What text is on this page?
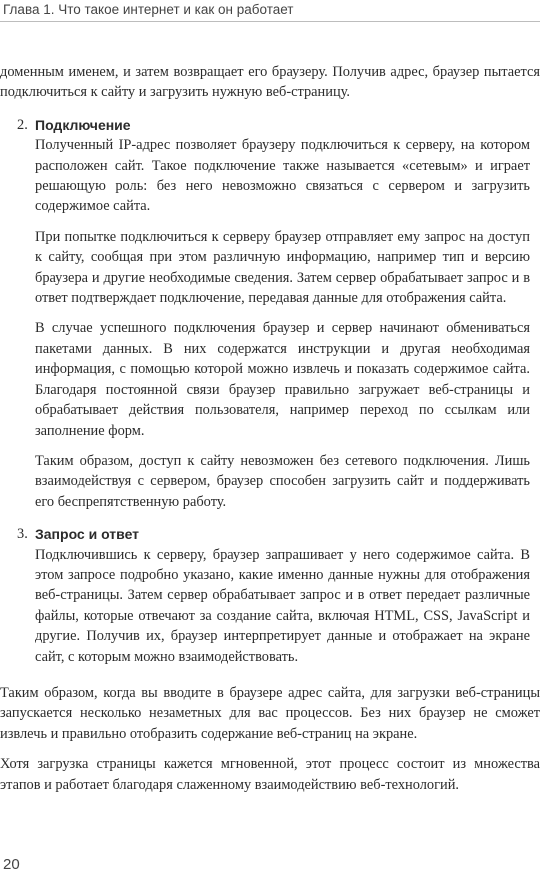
Глава 1. Что такое интернет и как он работает

доменным именем, и затем возвращает его браузеру. Получив адрес, браузер пытается подключиться к сайту и загрузить нужную веб-страницу.

2. Подключение

Полученный IP-адрес позволяет браузеру подключиться к серверу, на котором расположен сайт. Такое подключение также называется «сетевым» и играет решающую роль: без него невозможно связаться с сервером и загрузить содержимое сайта.

При попытке подключиться к серверу браузер отправляет ему запрос на доступ к сайту, сообщая при этом различную информацию, например тип и версию браузера и другие необходимые сведения. Затем сервер обрабатывает запрос и в ответ подтверждает подключение, передавая данные для отображения сайта.

В случае успешного подключения браузер и сервер начинают обмениваться пакетами данных. В них содержатся инструкции и другая необходимая информация, с помощью которой можно извлечь и показать содержимое сайта. Благодаря постоянной связи браузер правильно загружает веб-страницы и обрабатывает действия пользователя, например переход по ссылкам или заполнение форм.

Таким образом, доступ к сайту невозможен без сетевого подключения. Лишь взаимодействуя с сервером, браузер способен загрузить сайт и поддерживать его беспрепятственную работу.

3. Запрос и ответ

Подключившись к серверу, браузер запрашивает у него содержимое сайта. В этом запросе подробно указано, какие именно данные нужны для отображения веб-страницы. Затем сервер обрабатывает запрос и в ответ передает различные файлы, которые отвечают за создание сайта, включая HTML, CSS, JavaScript и другие. Получив их, браузер интерпретирует данные и отображает на экране сайт, с которым можно взаимодействовать.

Таким образом, когда вы вводите в браузере адрес сайта, для загрузки веб-страницы запускается несколько незаметных для вас процессов. Без них браузер не сможет извлечь и правильно отобразить содержание веб-страниц на экране.

Хотя загрузка страницы кажется мгновенной, этот процесс состоит из множества этапов и работает благодаря слаженному взаимодействию веб-технологий.

20
